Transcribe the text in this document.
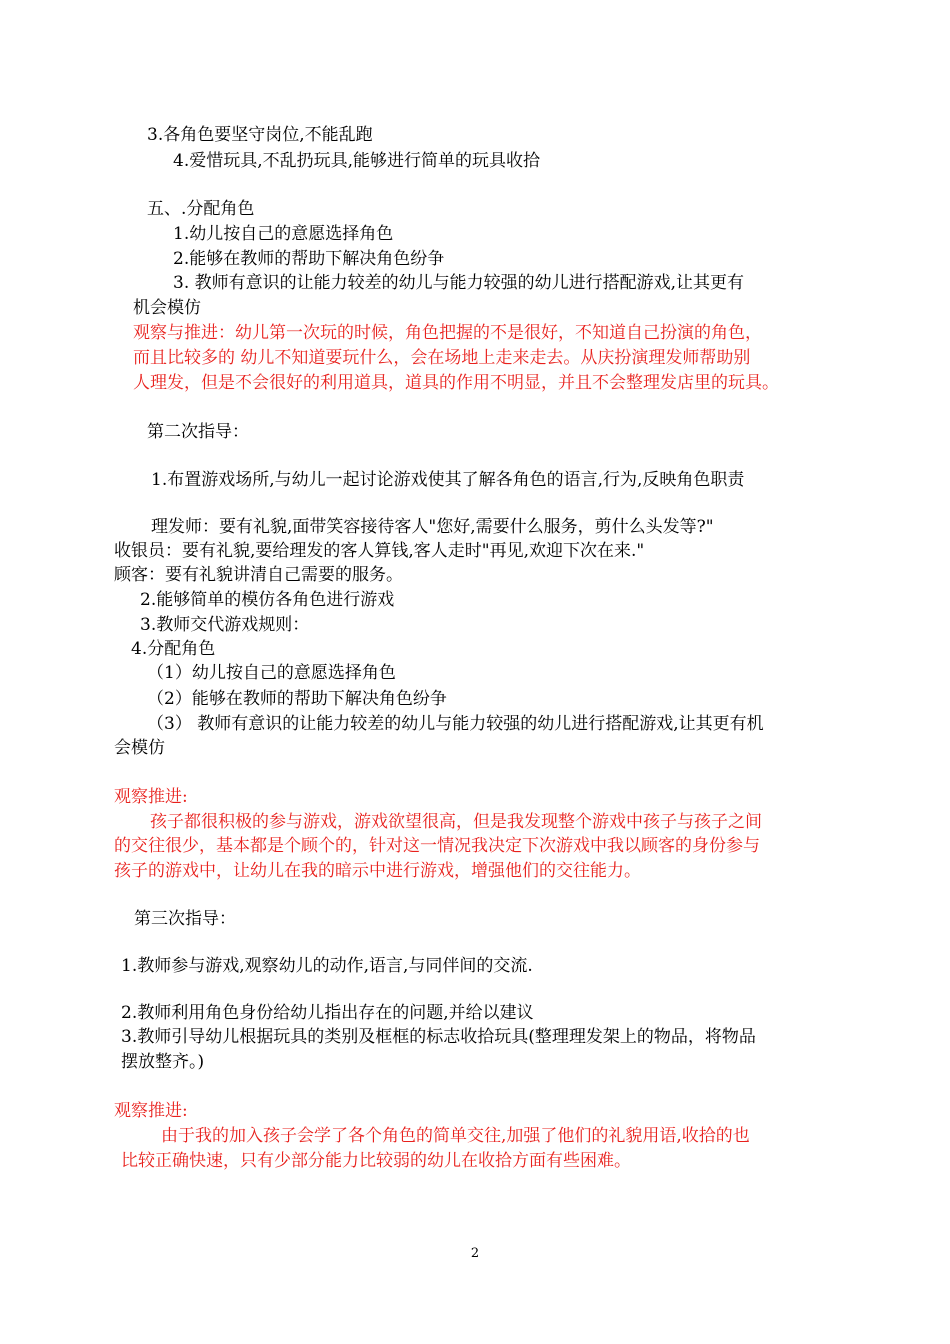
3.各角色要坚守岗位,不能乱跑
4.爱惜玩具,不乱扔玩具,能够进行简单的玩具收拾
五、.分配角色
1.幼儿按自己的意愿选择角色
2.能够在教师的帮助下解决角色纷争
3. 教师有意识的让能力较差的幼儿与能力较强的幼儿进行搭配游戏,让其更有
机会模仿
观察与推进：幼儿第一次玩的时候，角色把握的不是很好，不知道自己扮演的角色，
而且比较多的 幼儿不知道要玩什么，会在场地上走来走去。从庆扮演理发师帮助别
人理发，但是不会很好的利用道具，道具的作用不明显，并且不会整理发店里的玩具。
第二次指导：
1.布置游戏场所,与幼儿一起讨论游戏使其了解各角色的语言,行为,反映角色职责
理发师：要有礼貌,面带笑容接待客人"您好,需要什么服务，剪什么头发等?"
收银员：要有礼貌,要给理发的客人算钱,客人走时"再见,欢迎下次在来."
顾客：要有礼貌讲清自己需要的服务。
2.能够简单的模仿各角色进行游戏
3.教师交代游戏规则：
4.分配角色
（1）幼儿按自己的意愿选择角色
（2）能够在教师的帮助下解决角色纷争
（3） 教师有意识的让能力较差的幼儿与能力较强的幼儿进行搭配游戏,让其更有机
会模仿
观察推进:
孩子都很积极的参与游戏，游戏欲望很高，但是我发现整个游戏中孩子与孩子之间
的交往很少，基本都是个顾个的，针对这一情况我决定下次游戏中我以顾客的身份参与
孩子的游戏中，让幼儿在我的暗示中进行游戏，增强他们的交往能力。
第三次指导：
1.教师参与游戏,观察幼儿的动作,语言,与同伴间的交流.
2.教师利用角色身份给幼儿指出存在的问题,并给以建议
3.教师引导幼儿根据玩具的类别及框框的标志收拾玩具(整理理发架上的物品，将物品
摆放整齐。)
观察推进:
由于我的加入孩子会学了各个角色的简单交往,加强了他们的礼貌用语,收拾的也
比较正确快速，只有少部分能力比较弱的幼儿在收拾方面有些困难。
2
